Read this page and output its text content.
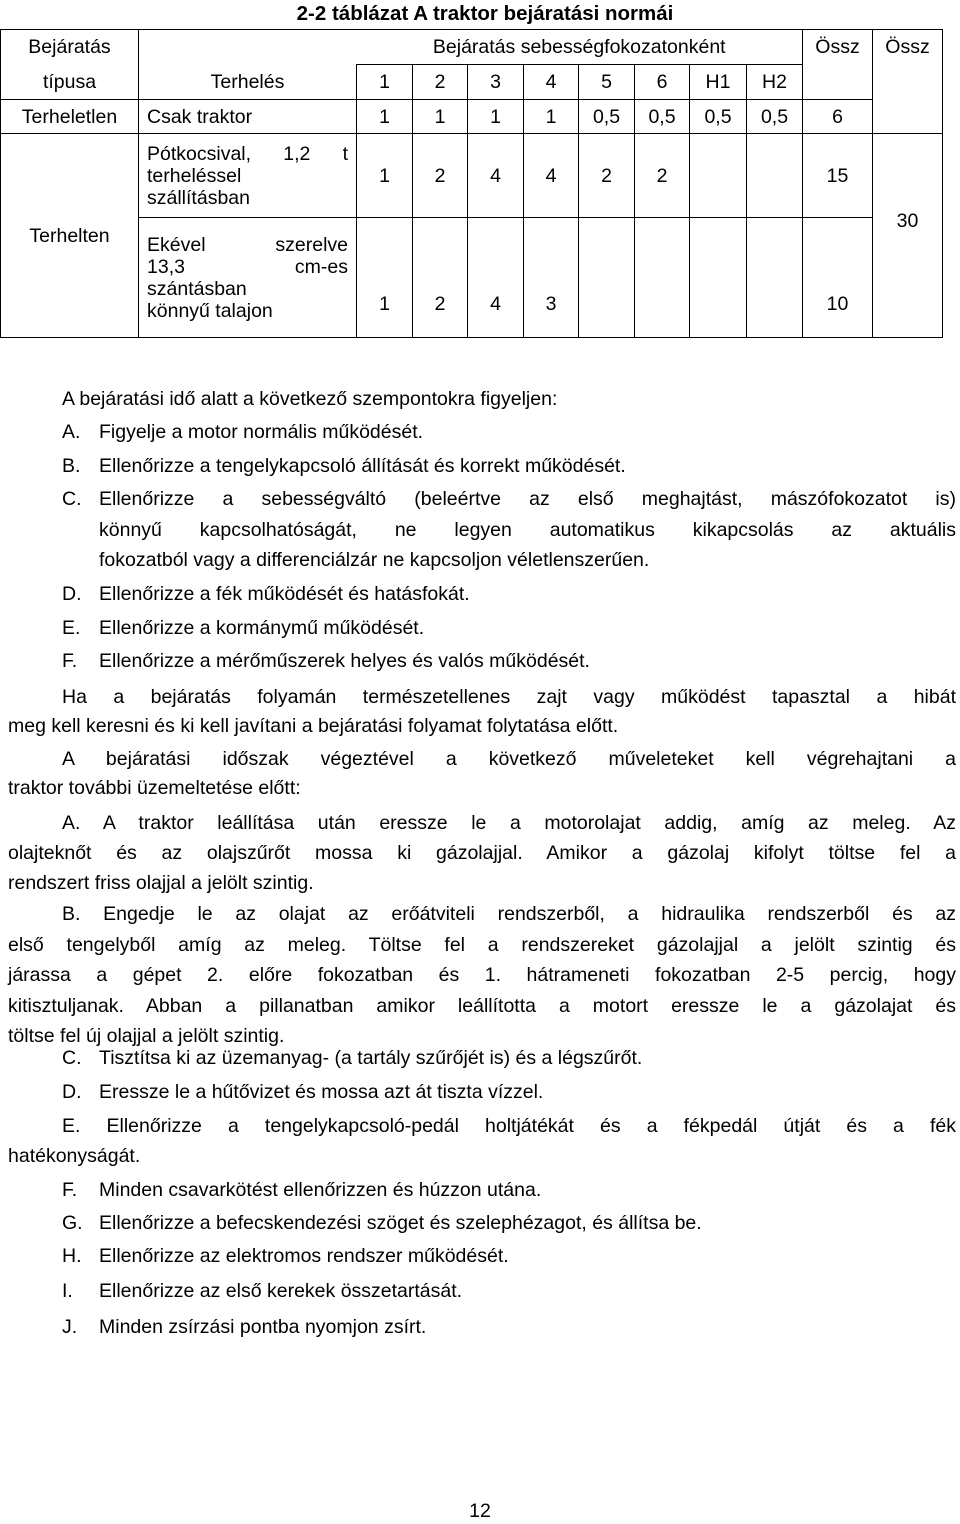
2-2 táblázat A traktor bejáratási normái
Bejáratás		Bejáratás sebességfokozatonként								Össz	Össz
típusa	Terhelés	1	2	3	4	5	6	H1	H2		
Terheletlen	Csak traktor	1	1	1	1	0,5	0,5	0,5	0,5	6	
Terhelten	Pótkocsival, 1,2 t
terheléssel
szállításban	1	2	4	4	2	2			15	30

	Ekével szerelve
13,3 cm-es
szántásban
könnyű talajon	1	2	4	3					10	
A bejáratási idő alatt a következő szempontokra figyeljen:
A. Figyelje a motor normális működését.
B. Ellenőrizze a tengelykapcsoló állítását és korrekt működését.
C. Ellenőrizze a sebességváltó (beleértve az első meghajtást, mászófokozatot is)
könnyű kapcsolhatóságát, ne legyen automatikus kikapcsolás az aktuális
fokozatból vagy a differenciálzár ne kapcsoljon véletlenszerűen.
D. Ellenőrizze a fék működését és hatásfokát.
E. Ellenőrizze a kormánymű működését.
F. Ellenőrizze a mérőműszerek helyes és valós működését.
Ha a bejáratás folyamán természetellenes zajt vagy működést tapasztal a hibát
meg kell keresni és ki kell javítani a bejáratási folyamat folytatása előtt.
A bejáratási időszak végeztével a következő műveleteket kell végrehajtani a
traktor további üzemeltetése előtt:
A. A traktor leállítása után eressze le a motorolajat addig, amíg az meleg. Az
olajteknőt és az olajszűrőt mossa ki gázolajjal. Amikor a gázolaj kifolyt töltse fel a
rendszert friss olajjal a jelölt szintig.
B. Engedje le az olajat az erőátviteli rendszerből, a hidraulika rendszerből és az
első tengelyből amíg az meleg. Töltse fel a rendszereket gázolajjal a jelölt szintig és
járassa a gépet 2. előre fokozatban és 1. hátrameneti fokozatban 2-5 percig, hogy
kitisztuljanak. Abban a pillanatban amikor leállította a motort eressze le a gázolajat és
töltse fel új olajjal a jelölt szintig.
C. Tisztítsa ki az üzemanyag- (a tartály szűrőjét is) és a légszűrőt.
D. Eressze le a hűtővizet és mossa azt át tiszta vízzel.
E. Ellenőrizze a tengelykapcsoló-pedál holtjátékát és a fékpedál útját és a fék
hatékonyságát.
F. Minden csavarkötést ellenőrizzen és húzzon utána.
G. Ellenőrizze a befecskendezési szöget és szelephézagot, és állítsa be.
H. Ellenőrizze az elektromos rendszer működését.
I. Ellenőrizze az első kerekek összetartását.
J. Minden zsírzási pontba nyomjon zsírt.
12
